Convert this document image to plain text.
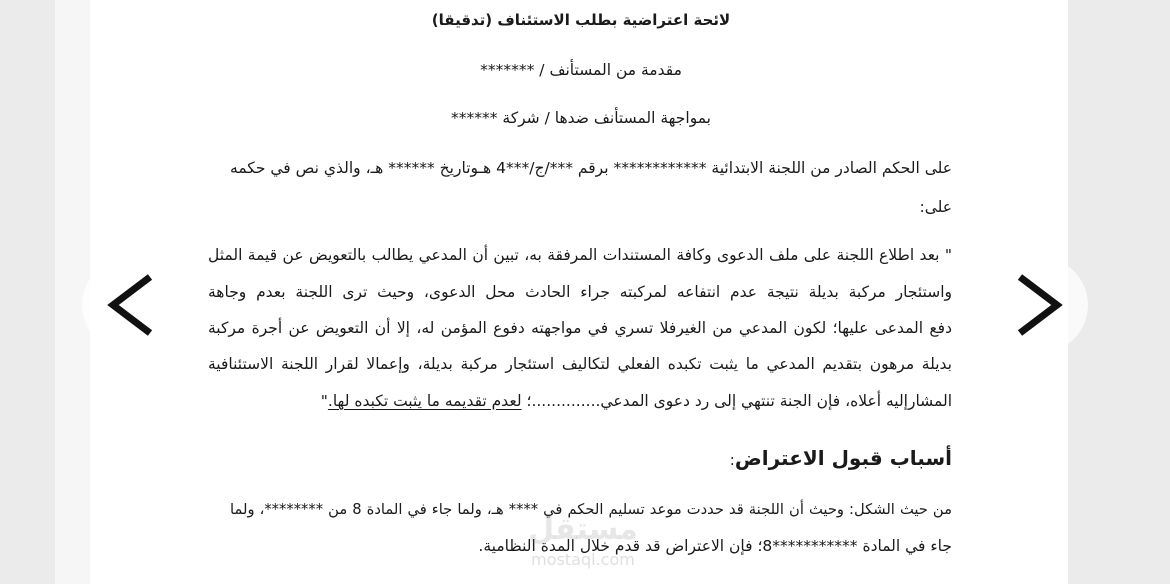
لائحة اعتراضية بطلب الاستئناف (تدقيقا)
مقدمة من المستأنف / *******
بمواجهة المستأنف ضدها / شركة ******
على الحكم الصادر من اللجنة الابتدائية ************ برقم ***/ج/***4 هـوتاريخ ****** هـ، والذي نص في حكمه
على:
" بعد اطلاع اللجنة على ملف الدعوى وكافة المستندات المرفقة به، تبين أن المدعي يطالب بالتعويض عن قيمة المثل
واستئجار مركبة بديلة نتيجة عدم انتفاعه لمركبته جراء الحادث محل الدعوى، وحيث ترى اللجنة بعدم وجاهة
دفع المدعى عليها؛ لكون المدعي من الغيرفلا تسري في مواجهته دفوع المؤمن له، إلا أن التعويض عن أجرة مركبة
بديلة مرهون بتقديم المدعي ما يثبت تكبده الفعلي لتكاليف استئجار مركبة بديلة، وإعمالا لقرار اللجنة الاستئنافية
المشارإليه أعلاه، فإن الجنة تنتهي إلى رد دعوى المدعي..............؛ لعدم تقديمه ما يثبت تكبده لها."
أسباب قبول الاعتراض:
من حيث الشكل: وحيث أن اللجنة قد حددت موعد تسليم الحكم في **** هـ، ولما جاء في المادة 8 من ********، ولما
جاء في المادة ***********8؛ فإن الاعتراض قد قدم خلال المدة النظامية.
مستقل
mostaql.com
